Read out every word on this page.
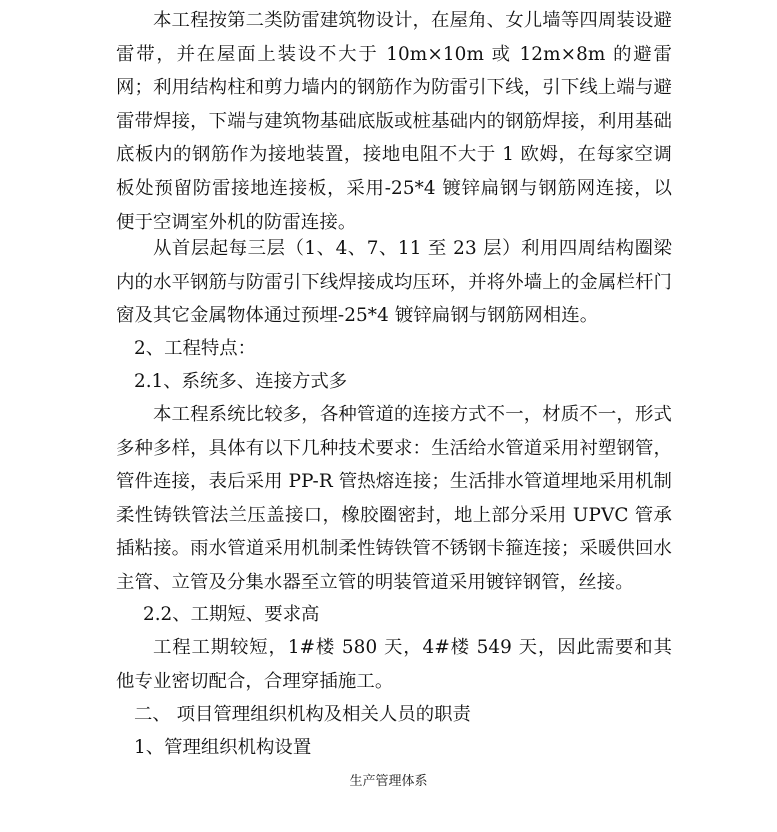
本工程按第二类防雷建筑物设计，在屋角、女儿墙等四周装设避雷带，并在屋面上装设不大于 10m×10m 或 12m×8m 的避雷网；利用结构柱和剪力墙内的钢筋作为防雷引下线，引下线上端与避雷带焊接，下端与建筑物基础底版或桩基础内的钢筋焊接，利用基础底板内的钢筋作为接地装置，接地电阻不大于 1 欧姆，在每家空调板处预留防雷接地连接板，采用-25*4 镀锌扁钢与钢筋网连接，以便于空调室外机的防雷连接。

从首层起每三层（1、4、7、11 至 23 层）利用四周结构圈梁内的水平钢筋与防雷引下线焊接成均压环，并将外墙上的金属栏杆门窗及其它金属物体通过预埋-25*4 镀锌扁钢与钢筋网相连。

2、工程特点：

2.1、系统多、连接方式多

本工程系统比较多，各种管道的连接方式不一，材质不一，形式多种多样，具体有以下几种技术要求：生活给水管道采用衬塑钢管，管件连接，表后采用 PP-R 管热熔连接；生活排水管道埋地采用机制柔性铸铁管法兰压盖接口，橡胶圈密封，地上部分采用 UPVC 管承插粘接。雨水管道采用机制柔性铸铁管不锈钢卡箍连接；采暖供回水主管、立管及分集水器至立管的明装管道采用镀锌钢管，丝接。

2.2、工期短、要求高

工程工期较短，1#楼 580 天，4#楼 549 天，因此需要和其他专业密切配合，合理穿插施工。

二、 项目管理组织机构及相关人员的职责

1、管理组织机构设置

生产管理体系
